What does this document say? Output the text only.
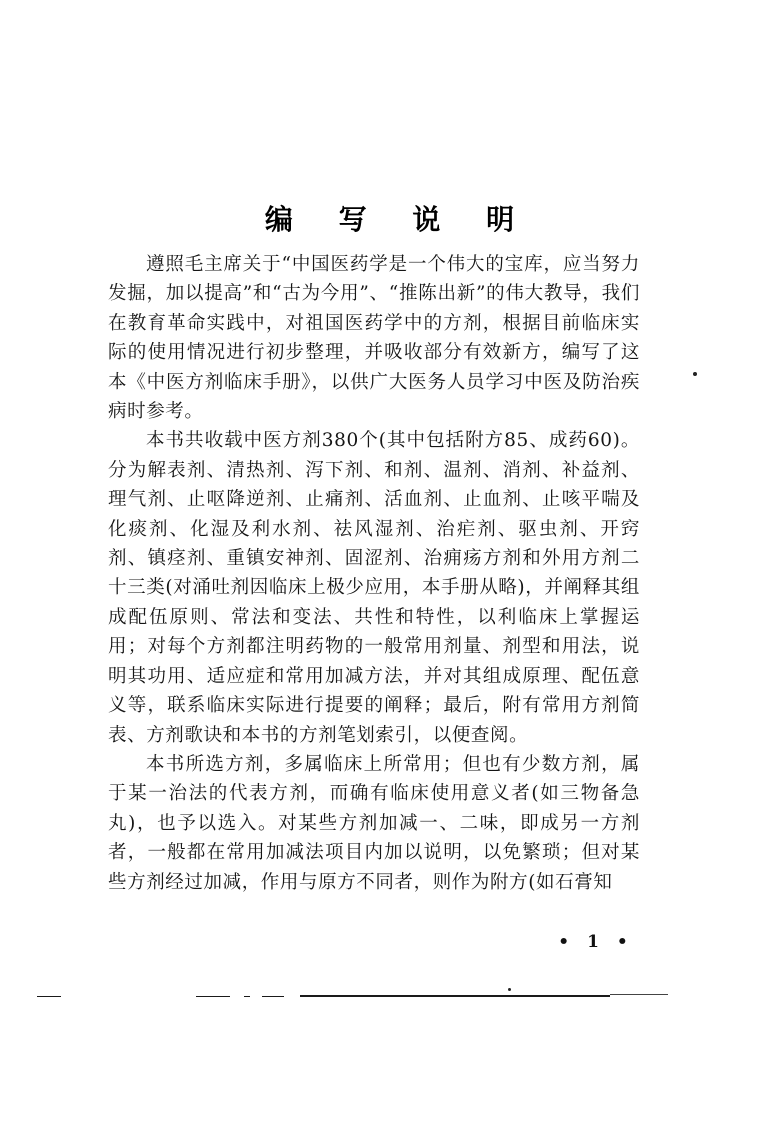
编 写 说 明

遵照毛主席关于“中国医药学是一个伟大的宝库，应当努力发掘，加以提高”和“古为今用”、“推陈出新”的伟大教导，我们在教育革命实践中，对祖国医药学中的方剂，根据目前临床实际的使用情况进行初步整理，并吸收部分有效新方，编写了这本《中医方剂临床手册》，以供广大医务人员学习中医及防治疾病时参考。

本书共收载中医方剂380个(其中包括附方85、成药60)。分为解表剂、清热剂、泻下剂、和剂、温剂、消剂、补益剂、理气剂、止呕降逆剂、止痛剂、活血剂、止血剂、止咳平喘及化痰剂、化湿及利水剂、祛风湿剂、治疟剂、驱虫剂、开窍剂、镇痉剂、重镇安神剂、固涩剂、治痈疡方剂和外用方剂二十三类(对涌吐剂因临床上极少应用，本手册从略)，并阐释其组成配伍原则、常法和变法、共性和特性，以利临床上掌握运用；对每个方剂都注明药物的一般常用剂量、剂型和用法，说明其功用、适应症和常用加减方法，并对其组成原理、配伍意义等，联系临床实际进行提要的阐释；最后，附有常用方剂简表、方剂歌诀和本书的方剂笔划索引，以便查阅。

本书所选方剂，多属临床上所常用；但也有少数方剂，属于某一治法的代表方剂，而确有临床使用意义者(如三物备急丸)，也予以选入。对某些方剂加减一、二味，即成另一方剂者，一般都在常用加减法项目内加以说明，以免繁琐；但对某些方剂经过加减，作用与原方不同者，则作为附方(如石膏知

• 1 •
